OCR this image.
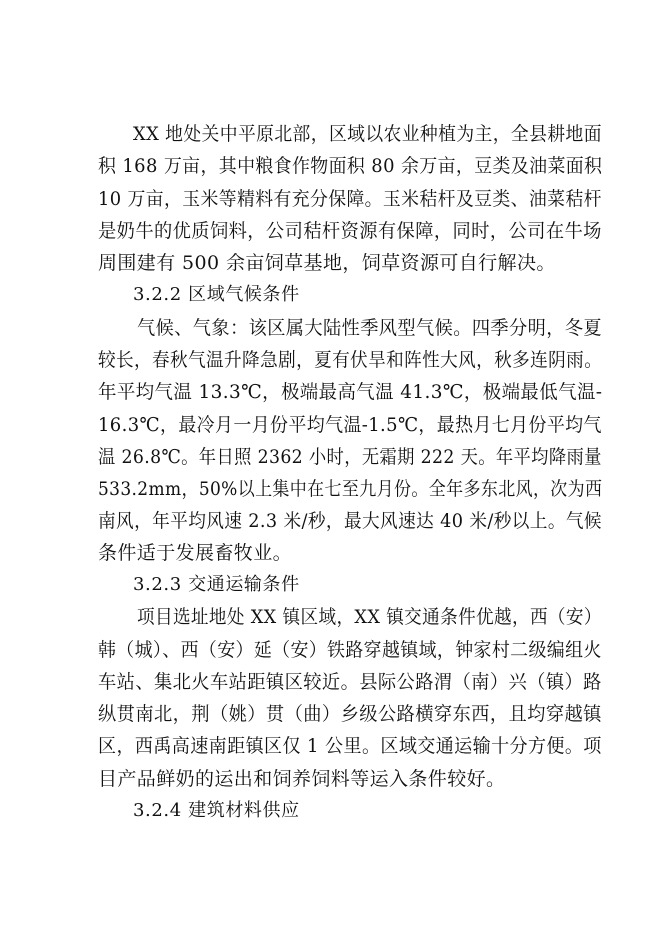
XX 地处关中平原北部，区域以农业种植为主，全县耕地面
积 168 万亩，其中粮食作物面积 80 余万亩，豆类及油菜面积
10 万亩，玉米等精料有充分保障。玉米秸杆及豆类、油菜秸杆
是奶牛的优质饲料，公司秸杆资源有保障，同时，公司在牛场
周围建有 500 余亩饲草基地，饲草资源可自行解决。
3.2.2 区域气候条件
气候、气象：该区属大陆性季风型气候。四季分明，冬夏
较长，春秋气温升降急剧，夏有伏旱和阵性大风，秋多连阴雨。
年平均气温 13.3℃，极端最高气温 41.3℃，极端最低气温-
16.3℃，最冷月一月份平均气温-1.5℃，最热月七月份平均气
温 26.8℃。年日照 2362 小时，无霜期 222 天。年平均降雨量
533.2mm，50%以上集中在七至九月份。全年多东北风，次为西
南风，年平均风速 2.3 米/秒，最大风速达 40 米/秒以上。气候
条件适于发展畜牧业。
3.2.3 交通运输条件
项目选址地处 XX 镇区域，XX 镇交通条件优越，西（安）
韩（城）、西（安）延（安）铁路穿越镇域，钟家村二级编组火
车站、集北火车站距镇区较近。县际公路渭（南）兴（镇）路
纵贯南北，荆（姚）贯（曲）乡级公路横穿东西，且均穿越镇
区，西禹高速南距镇区仅 1 公里。区域交通运输十分方便。项
目产品鲜奶的运出和饲养饲料等运入条件较好。
3.2.4 建筑材料供应
